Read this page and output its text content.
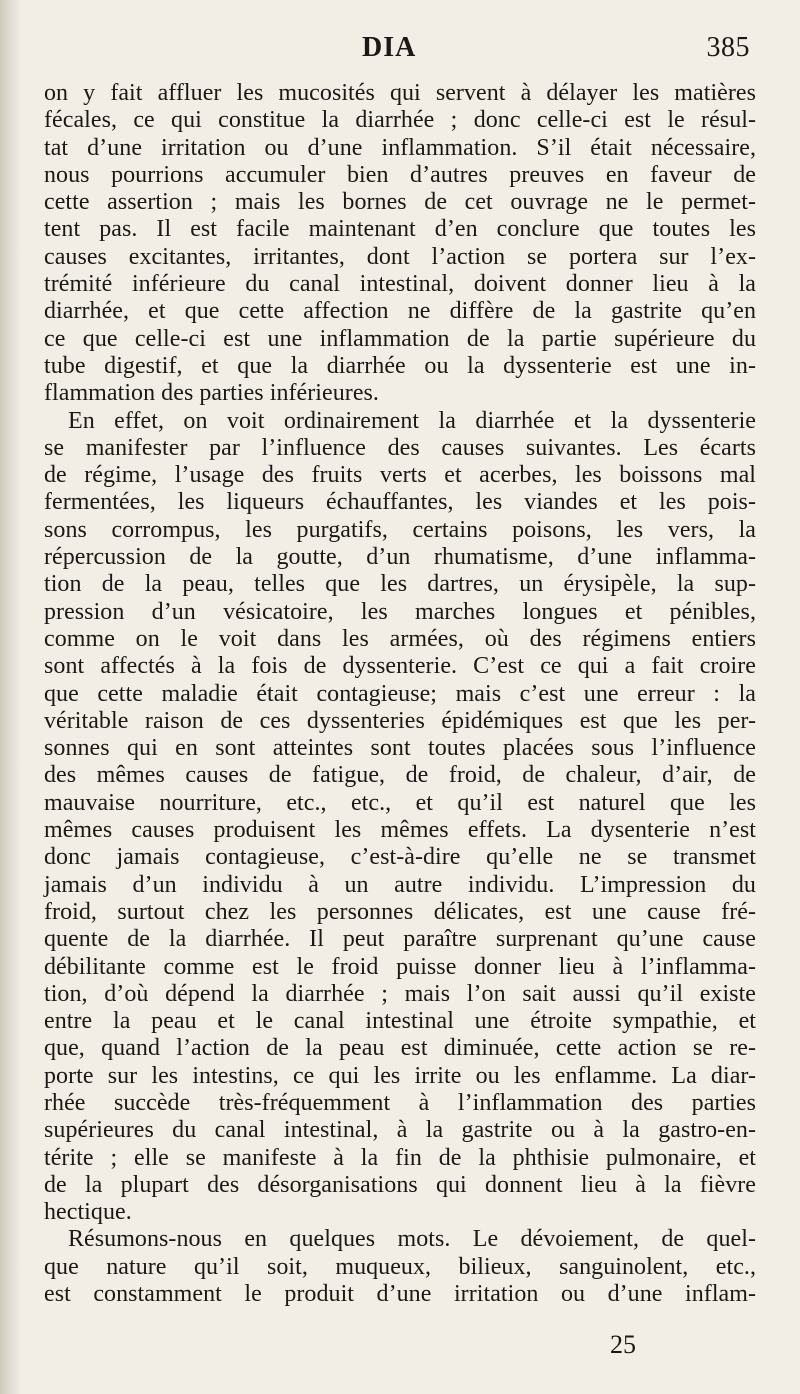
DIA	385
on y fait affluer les mucosités qui servent à délayer les matières
fécales, ce qui constitue la diarrhée ; donc celle-ci est le résul-
tat d’une irritation ou d’une inflammation. S’il était nécessaire,
nous pourrions accumuler bien d’autres preuves en faveur de
cette assertion ; mais les bornes de cet ouvrage ne le permet-
tent pas. Il est facile maintenant d’en conclure que toutes les
causes excitantes, irritantes, dont l’action se portera sur l’ex-
trémité inférieure du canal intestinal, doivent donner lieu à la
diarrhée, et que cette affection ne diffère de la gastrite qu’en
ce que celle-ci est une inflammation de la partie supérieure du
tube digestif, et que la diarrhée ou la dyssenterie est une in-
flammation des parties inférieures.
En effet, on voit ordinairement la diarrhée et la dyssenterie
se manifester par l’influence des causes suivantes. Les écarts
de régime, l’usage des fruits verts et acerbes, les boissons mal
fermentées, les liqueurs échauffantes, les viandes et les pois-
sons corrompus, les purgatifs, certains poisons, les vers, la
répercussion de la goutte, d’un rhumatisme, d’une inflamma-
tion de la peau, telles que les dartres, un érysipèle, la sup-
pression d’un vésicatoire, les marches longues et pénibles,
comme on le voit dans les armées, où des régimens entiers
sont affectés à la fois de dyssenterie. C’est ce qui a fait croire
que cette maladie était contagieuse; mais c’est une erreur : la
véritable raison de ces dyssenteries épidémiques est que les per-
sonnes qui en sont atteintes sont toutes placées sous l’influence
des mêmes causes de fatigue, de froid, de chaleur, d’air, de
mauvaise nourriture, etc., etc., et qu’il est naturel que les
mêmes causes produisent les mêmes effets. La dysenterie n’est
donc jamais contagieuse, c’est-à-dire qu’elle ne se transmet
jamais d’un individu à un autre individu. L’impression du
froid, surtout chez les personnes délicates, est une cause fré-
quente de la diarrhée. Il peut paraître surprenant qu’une cause
débilitante comme est le froid puisse donner lieu à l’inflamma-
tion, d’où dépend la diarrhée ; mais l’on sait aussi qu’il existe
entre la peau et le canal intestinal une étroite sympathie, et
que, quand l’action de la peau est diminuée, cette action se re-
porte sur les intestins, ce qui les irrite ou les enflamme. La diar-
rhée succède très-fréquemment à l’inflammation des parties
supérieures du canal intestinal, à la gastrite ou à la gastro-en-
térite ; elle se manifeste à la fin de la phthisie pulmonaire, et
de la plupart des désorganisations qui donnent lieu à la fièvre
hectique.
Résumons-nous en quelques mots. Le dévoiement, de quel-
que nature qu’il soit, muqueux, bilieux, sanguinolent, etc.,
est constamment le produit d’une irritation ou d’une inflam-
25
